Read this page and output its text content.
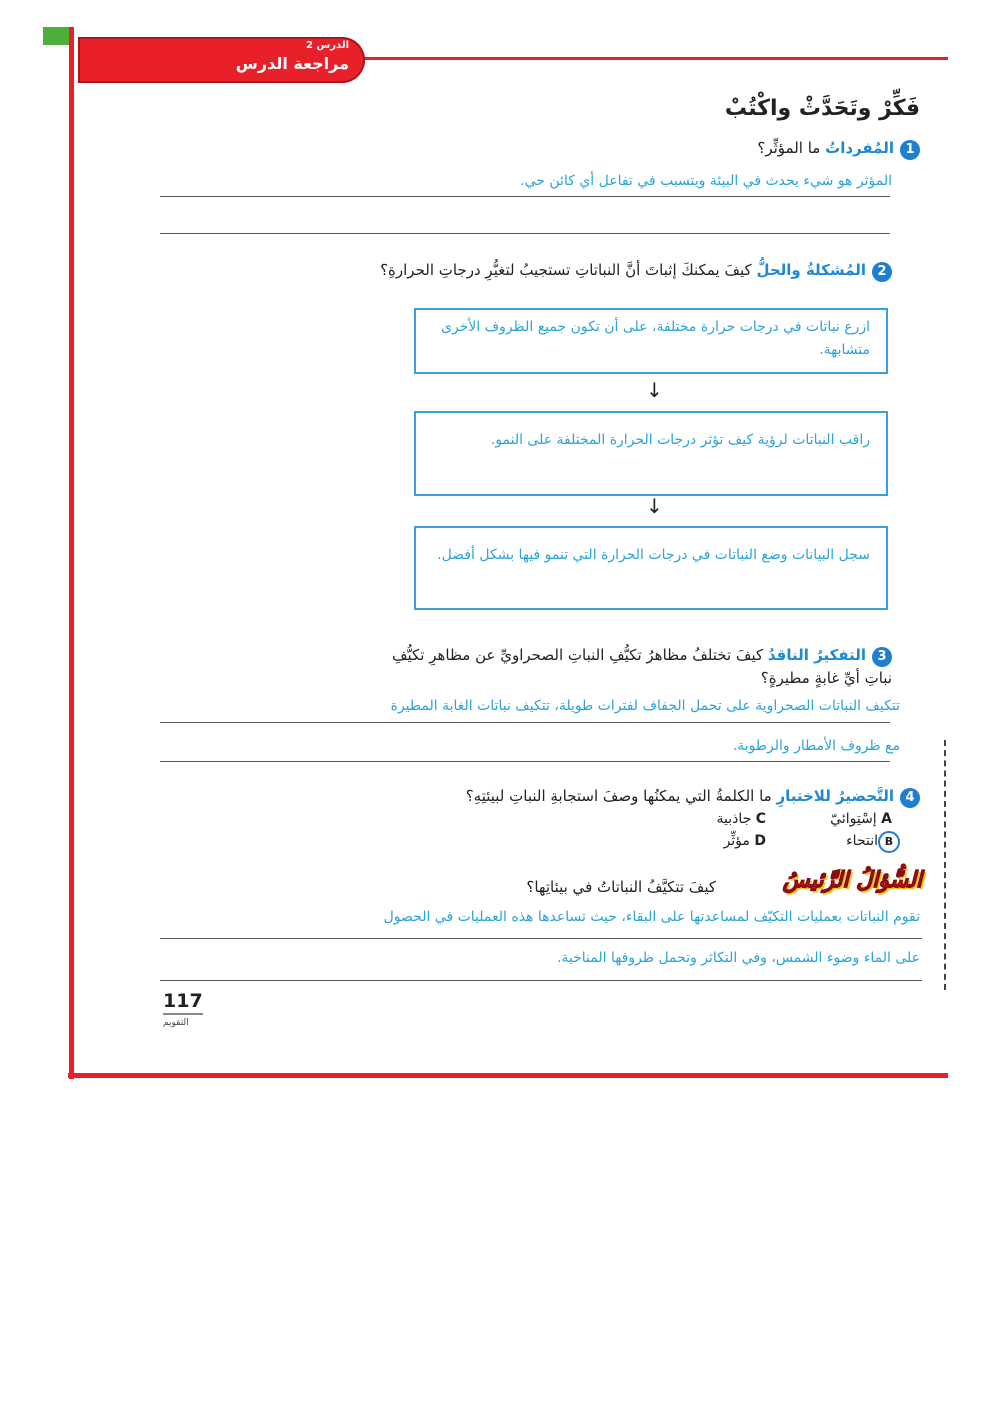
الدرس 2
مراجعة الدرس
فَكِّرْ وتَحَدَّثْ واكْتُبْ
1المُفرداتُ ما المؤثِّر؟
المؤثر هو شيء يحدث في البيئة ويتسبب في تفاعل أي كائن حي.
2المُشكلةُ والحلُّ كيفَ يمكنكَ إثباتَ أنَّ النباتاتِ تستجيبُ لتغيُّرِ درجاتِ الحرارةِ؟
ازرع نباتات في درجات حرارة مختلفة، على أن تكون جميع الظروف الأخرى متشابهة.
↓
راقب النباتات لرؤية كيف تؤثر درجات الحرارة المختلفة على النمو.
↓
سجل البيانات وضع النباتات في درجات الحرارة التي تنمو فيها بشكل أفضل.
3التفكيرُ الناقدُ كيفَ تختلفُ مظاهرُ تكيُّفِ النباتِ الصحراويِّ عن مظاهرِ تكيُّفِ نباتِ أيِّ غابةٍ مطيرةٍ؟
تتكيف النباتات الصحراوية على تحمل الجفاف لفترات طويلة، تتكيف نباتات الغابة المطيرة
مع ظروف الأمطار والرطوبة.
4التَّحضيرُ للاختبارِ ما الكلمةُ التي يمكنُها وصفَ استجابةِ النباتِ لبيئتِهِ؟
A إسْتِوائيّ
Bانتحاء
C جاذبية
D مؤثِّر
السُّؤالُ الرَّئيسُ
كيفَ تتكيَّفُ النباتاتُ في بيئاتِها؟
تقوم النباتات بعمليات التكيّف لمساعدتها على البقاء، حيث تساعدها هذه العمليات في الحصول
على الماء وضوء الشمس، وفي التكاثر وتحمل ظروفها المناخية.
117
التقويم
